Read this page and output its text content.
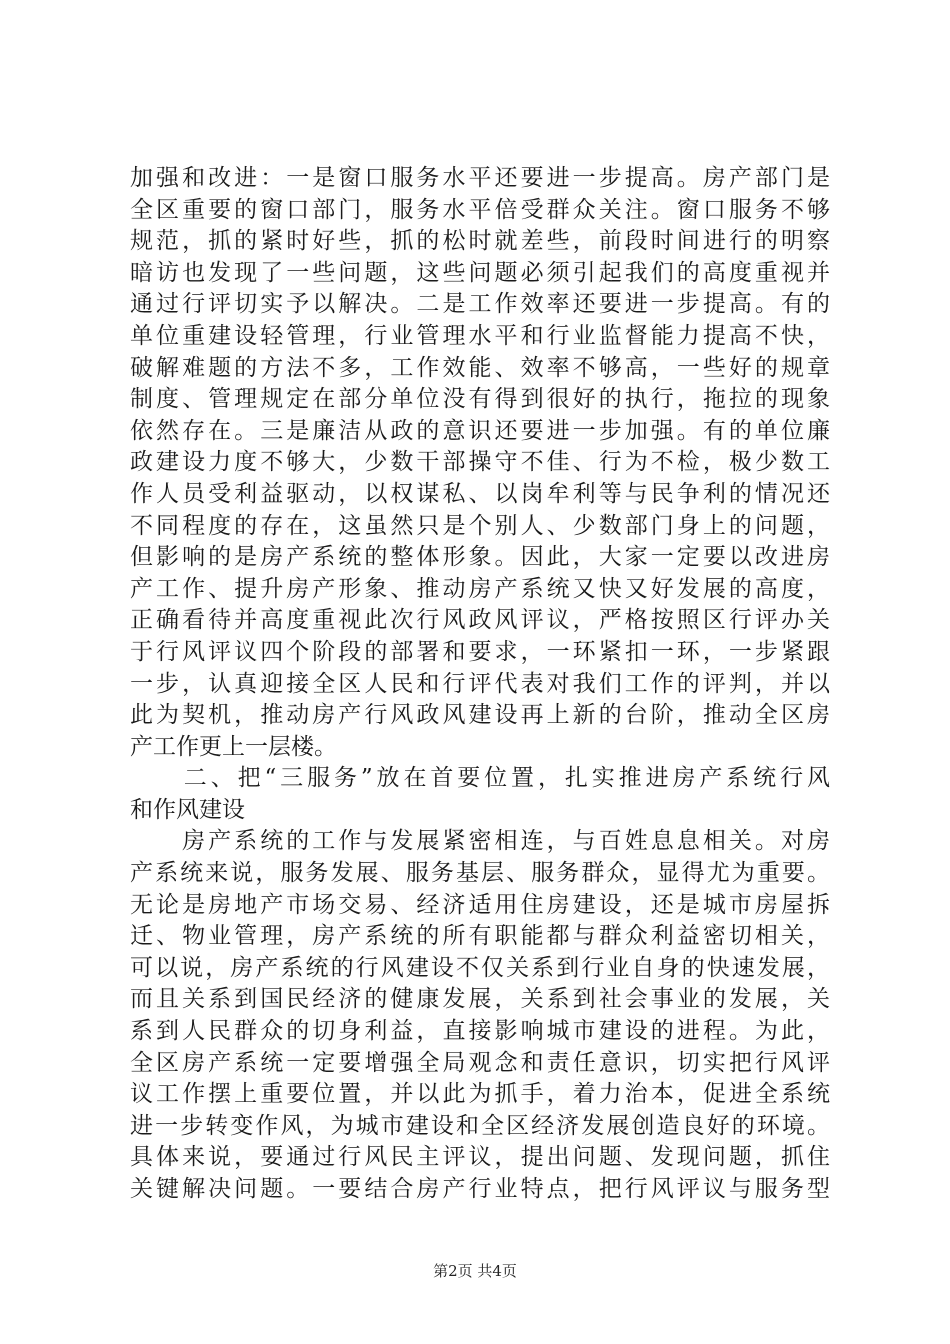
加强和改进：一是窗口服务水平还要进一步提高。房产部门是
全区重要的窗口部门，服务水平倍受群众关注。窗口服务不够
规范，抓的紧时好些，抓的松时就差些，前段时间进行的明察
暗访也发现了一些问题，这些问题必须引起我们的高度重视并
通过行评切实予以解决。二是工作效率还要进一步提高。有的
单位重建设轻管理，行业管理水平和行业监督能力提高不快，
破解难题的方法不多，工作效能、效率不够高，一些好的规章
制度、管理规定在部分单位没有得到很好的执行，拖拉的现象
依然存在。三是廉洁从政的意识还要进一步加强。有的单位廉
政建设力度不够大，少数干部操守不佳、行为不检，极少数工
作人员受利益驱动，以权谋私、以岗牟利等与民争利的情况还
不同程度的存在，这虽然只是个别人、少数部门身上的问题，
但影响的是房产系统的整体形象。因此，大家一定要以改进房
产工作、提升房产形象、推动房产系统又快又好发展的高度，
正确看待并高度重视此次行风政风评议，严格按照区行评办关
于行风评议四个阶段的部署和要求，一环紧扣一环，一步紧跟
一步，认真迎接全区人民和行评代表对我们工作的评判，并以
此为契机，推动房产行风政风建设再上新的台阶，推动全区房
产工作更上一层楼。
　　二、把“三服务”放在首要位置，扎实推进房产系统行风
和作风建设
　　房产系统的工作与发展紧密相连，与百姓息息相关。对房
产系统来说，服务发展、服务基层、服务群众，显得尤为重要。
无论是房地产市场交易、经济适用住房建设，还是城市房屋拆
迁、物业管理，房产系统的所有职能都与群众利益密切相关，
可以说，房产系统的行风建设不仅关系到行业自身的快速发展，
而且关系到国民经济的健康发展，关系到社会事业的发展，关
系到人民群众的切身利益，直接影响城市建设的进程。为此，
全区房产系统一定要增强全局观念和责任意识，切实把行风评
议工作摆上重要位置，并以此为抓手，着力治本，促进全系统
进一步转变作风，为城市建设和全区经济发展创造良好的环境。
具体来说，要通过行风民主评议，提出问题、发现问题，抓住
关键解决问题。一要结合房产行业特点，把行风评议与服务型
第2页 共4页
